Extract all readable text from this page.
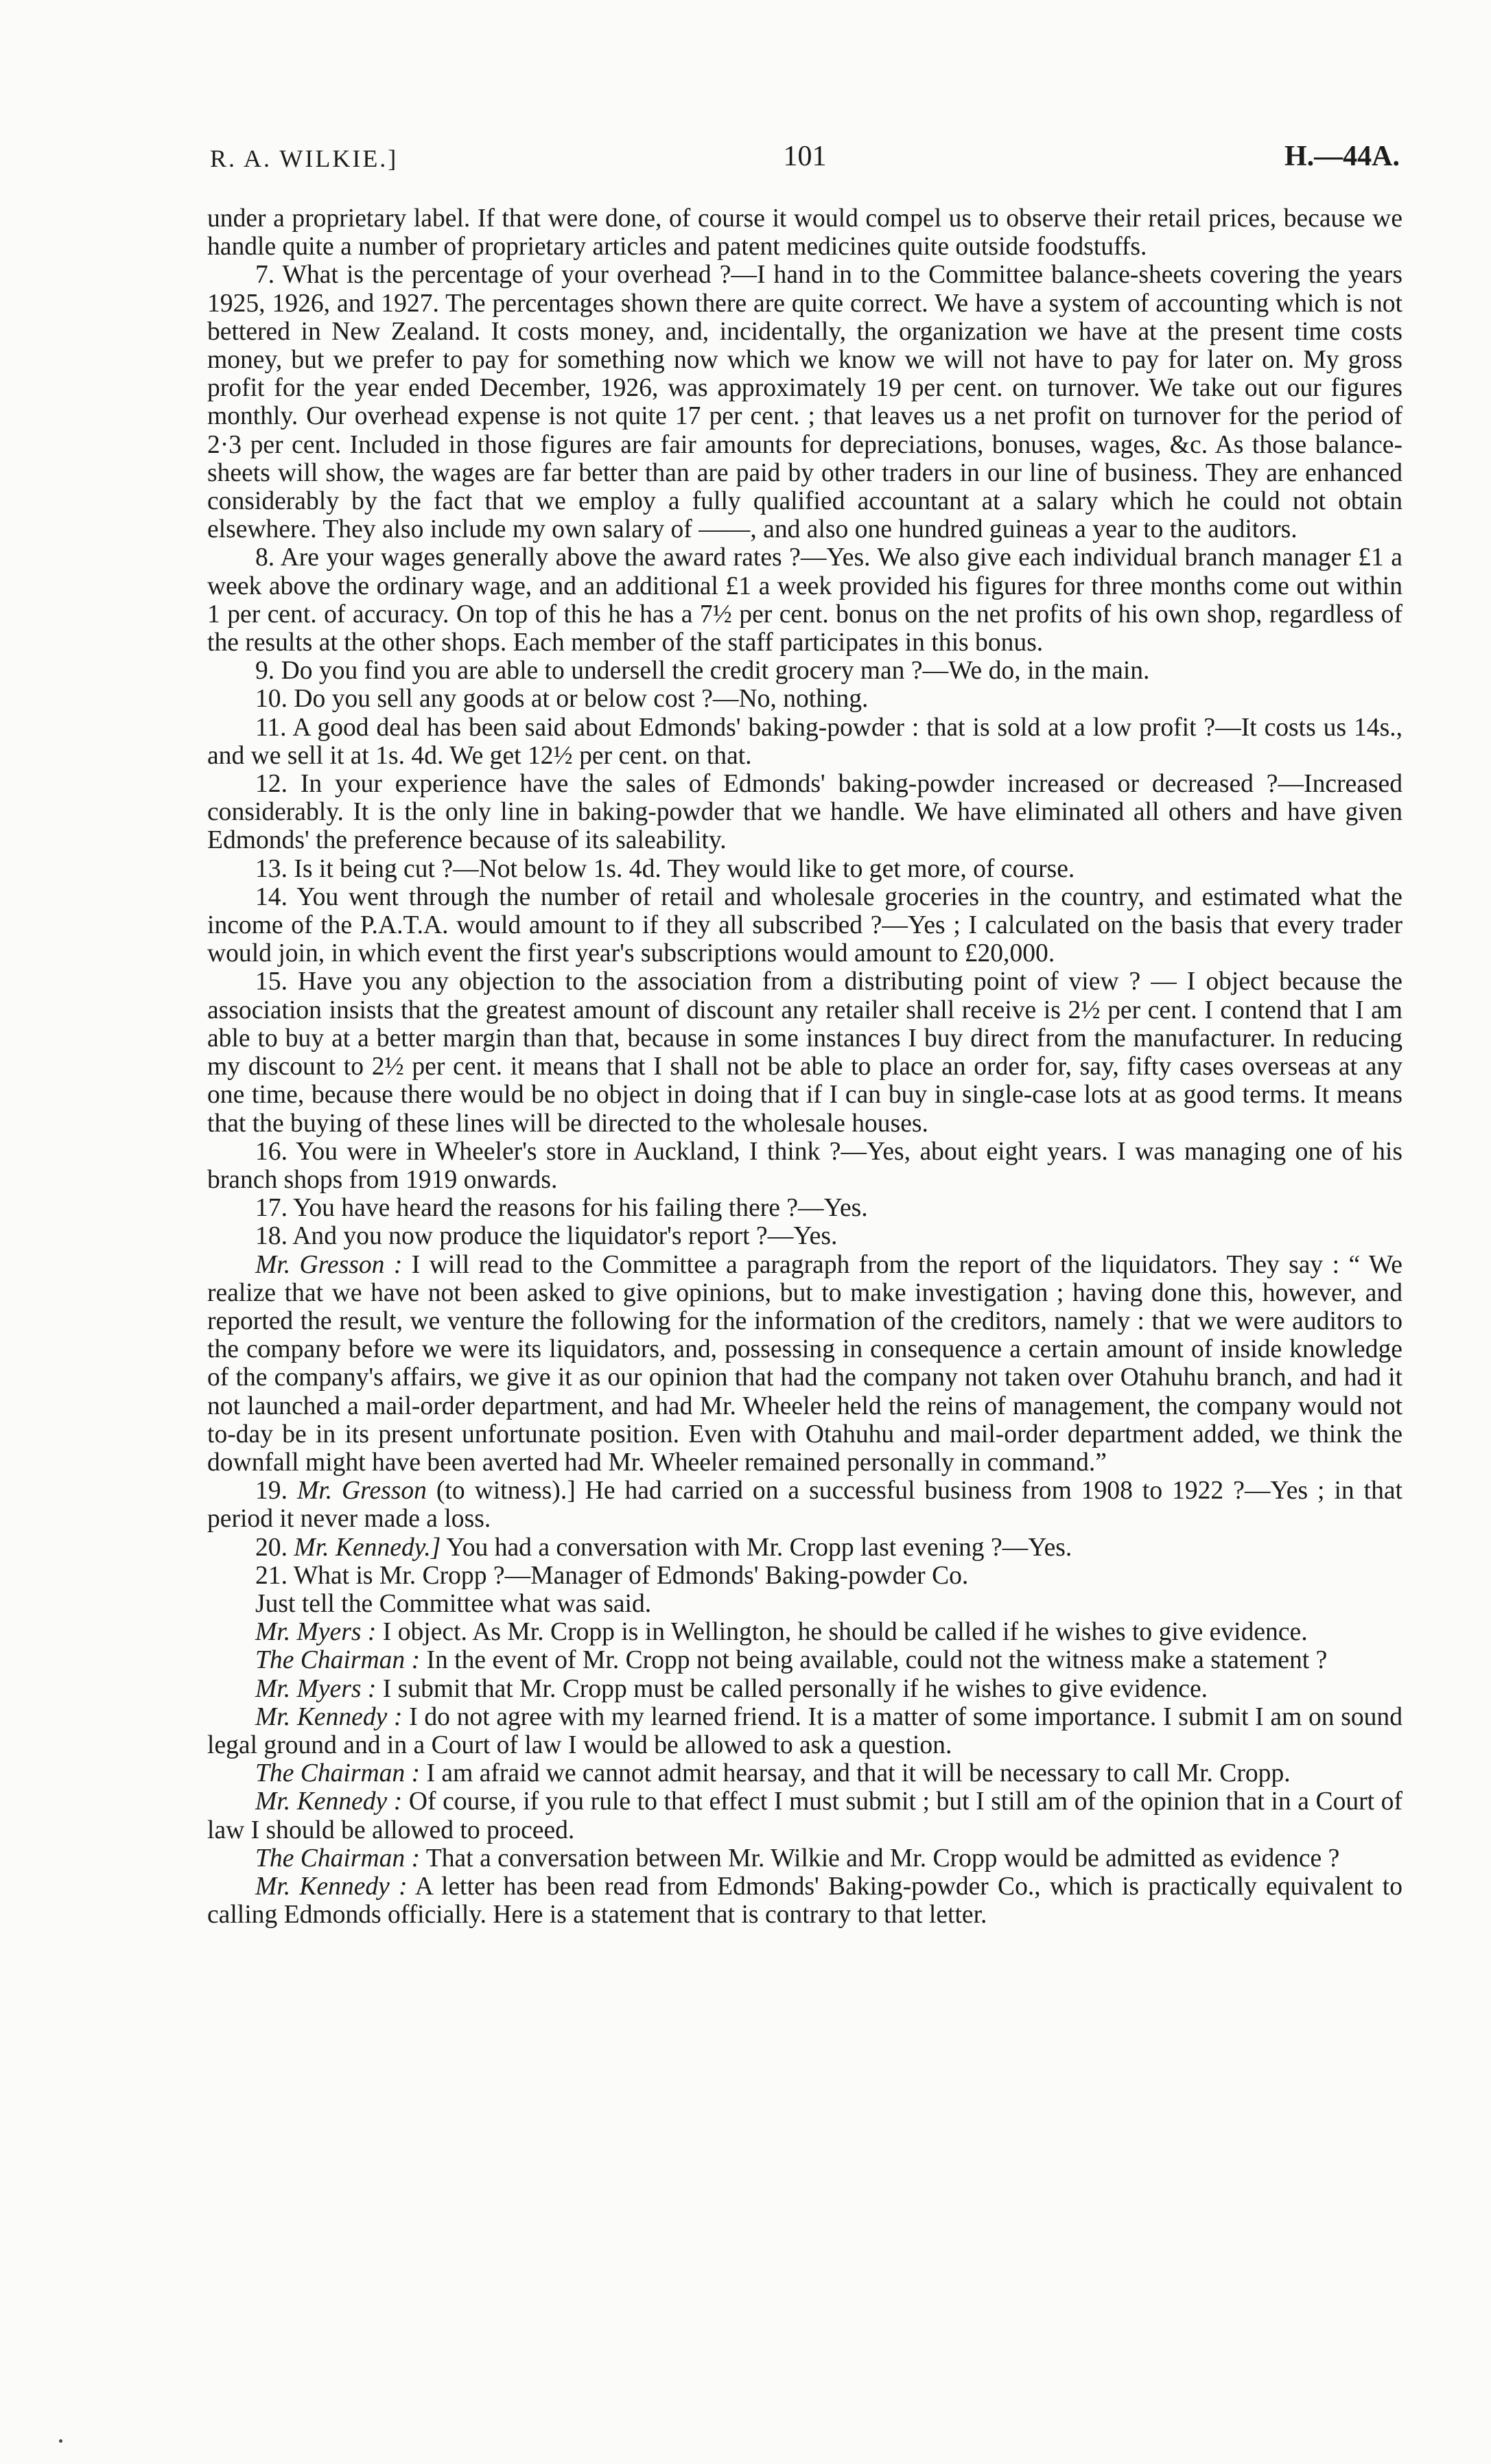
R. A. WILKIE.]	101	H.—44A.

under a proprietary label. If that were done, of course it would compel us to observe their retail prices, because we handle quite a number of proprietary articles and patent medicines quite outside foodstuffs.

7. What is the percentage of your overhead ?—I hand in to the Committee balance-sheets covering the years 1925, 1926, and 1927. The percentages shown there are quite correct. We have a system of accounting which is not bettered in New Zealand. It costs money, and, incidentally, the organization we have at the present time costs money, but we prefer to pay for something now which we know we will not have to pay for later on. My gross profit for the year ended December, 1926, was approximately 19 per cent. on turnover. We take out our figures monthly. Our overhead expense is not quite 17 per cent. ; that leaves us a net profit on turnover for the period of 2·3 per cent. Included in those figures are fair amounts for depreciations, bonuses, wages, &c. As those balance-sheets will show, the wages are far better than are paid by other traders in our line of business. They are enhanced considerably by the fact that we employ a fully qualified accountant at a salary which he could not obtain elsewhere. They also include my own salary of ——, and also one hundred guineas a year to the auditors.

8. Are your wages generally above the award rates ?—Yes. We also give each individual branch manager £1 a week above the ordinary wage, and an additional £1 a week provided his figures for three months come out within 1 per cent. of accuracy. On top of this he has a 7½ per cent. bonus on the net profits of his own shop, regardless of the results at the other shops. Each member of the staff participates in this bonus.

9. Do you find you are able to undersell the credit grocery man ?—We do, in the main.

10. Do you sell any goods at or below cost ?—No, nothing.

11. A good deal has been said about Edmonds' baking-powder : that is sold at a low profit ?—It costs us 14s., and we sell it at 1s. 4d. We get 12½ per cent. on that.

12. In your experience have the sales of Edmonds' baking-powder increased or decreased ?—Increased considerably. It is the only line in baking-powder that we handle. We have eliminated all others and have given Edmonds' the preference because of its saleability.

13. Is it being cut ?—Not below 1s. 4d. They would like to get more, of course.

14. You went through the number of retail and wholesale groceries in the country, and estimated what the income of the P.A.T.A. would amount to if they all subscribed ?—Yes ; I calculated on the basis that every trader would join, in which event the first year's subscriptions would amount to £20,000.

15. Have you any objection to the association from a distributing point of view ? — I object because the association insists that the greatest amount of discount any retailer shall receive is 2½ per cent. I contend that I am able to buy at a better margin than that, because in some instances I buy direct from the manufacturer. In reducing my discount to 2½ per cent. it means that I shall not be able to place an order for, say, fifty cases overseas at any one time, because there would be no object in doing that if I can buy in single-case lots at as good terms. It means that the buying of these lines will be directed to the wholesale houses.

16. You were in Wheeler's store in Auckland, I think ?—Yes, about eight years. I was managing one of his branch shops from 1919 onwards.

17. You have heard the reasons for his failing there ?—Yes.

18. And you now produce the liquidator's report ?—Yes.

Mr. Gresson : I will read to the Committee a paragraph from the report of the liquidators. They say : “ We realize that we have not been asked to give opinions, but to make investigation ; having done this, however, and reported the result, we venture the following for the information of the creditors, namely : that we were auditors to the company before we were its liquidators, and, possessing in consequence a certain amount of inside knowledge of the company's affairs, we give it as our opinion that had the company not taken over Otahuhu branch, and had it not launched a mail-order department, and had Mr. Wheeler held the reins of management, the company would not to-day be in its present unfortunate position. Even with Otahuhu and mail-order department added, we think the downfall might have been averted had Mr. Wheeler remained personally in command.”

19. Mr. Gresson (to witness).] He had carried on a successful business from 1908 to 1922 ?—Yes ; in that period it never made a loss.

20. Mr. Kennedy.] You had a conversation with Mr. Cropp last evening ?—Yes.

21. What is Mr. Cropp ?—Manager of Edmonds' Baking-powder Co.

Just tell the Committee what was said.

Mr. Myers : I object. As Mr. Cropp is in Wellington, he should be called if he wishes to give evidence.

The Chairman : In the event of Mr. Cropp not being available, could not the witness make a statement ?

Mr. Myers : I submit that Mr. Cropp must be called personally if he wishes to give evidence.

Mr. Kennedy : I do not agree with my learned friend. It is a matter of some importance. I submit I am on sound legal ground and in a Court of law I would be allowed to ask a question.

The Chairman : I am afraid we cannot admit hearsay, and that it will be necessary to call Mr. Cropp.

Mr. Kennedy : Of course, if you rule to that effect I must submit ; but I still am of the opinion that in a Court of law I should be allowed to proceed.

The Chairman : That a conversation between Mr. Wilkie and Mr. Cropp would be admitted as evidence ?

Mr. Kennedy : A letter has been read from Edmonds' Baking-powder Co., which is practically equivalent to calling Edmonds officially. Here is a statement that is contrary to that letter.
